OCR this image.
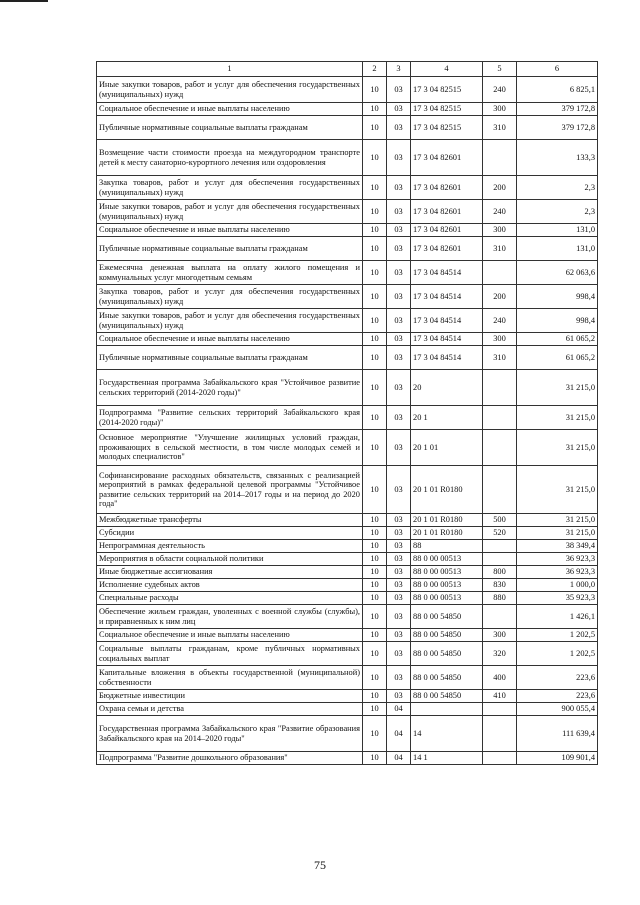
1	2	3	4	5	6
Иные закупки товаров, работ и услуг для обеспечения государственных (муниципальных) нужд	10	03	17 3 04 82515	240	6 825,1
Социальное обеспечение и иные выплаты населению	10	03	17 3 04 82515	300	379 172,8
Публичные нормативные социальные выплаты гражданам	10	03	17 3 04 82515	310	379 172,8
Возмещение части стоимости проезда на междугородном транспорте детей к месту санаторно-курортного лечения или оздоровления	10	03	17 3 04 82601		133,3
Закупка товаров, работ и услуг для обеспечения государственных (муниципальных) нужд	10	03	17 3 04 82601	200	2,3
Иные закупки товаров, работ и услуг для обеспечения государственных (муниципальных) нужд	10	03	17 3 04 82601	240	2,3
Социальное обеспечение и иные выплаты населению	10	03	17 3 04 82601	300	131,0
Публичные нормативные социальные выплаты гражданам	10	03	17 3 04 82601	310	131,0
Ежемесячна денежная выплата на оплату жилого помещения и коммунальных услуг многодетным семьям	10	03	17 3 04 84514		62 063,6
Закупка товаров, работ и услуг для обеспечения государственных (муниципальных) нужд	10	03	17 3 04 84514	200	998,4
Иные закупки товаров, работ и услуг для обеспечения государственных (муниципальных) нужд	10	03	17 3 04 84514	240	998,4
Социальное обеспечение и иные выплаты населению	10	03	17 3 04 84514	300	61 065,2
Публичные нормативные социальные выплаты гражданам	10	03	17 3 04 84514	310	61 065,2
Государственная программа Забайкальского края "Устойчивое развитие сельских территорий (2014-2020 годы)"	10	03	20		31 215,0
Подпрограмма "Развитие сельских территорий Забайкальского края (2014-2020 годы)"	10	03	20 1		31 215,0
Основное мероприятие "Улучшение жилищных условий граждан, проживающих в сельской местности, в том числе молодых семей и молодых специалистов"	10	03	20 1 01		31 215,0
Софинансирование расходных обязательств, связанных с реализацией мероприятий в рамках федеральной целевой программы "Устойчивое развитие сельских территорий на 2014–2017 годы и на период до 2020 года"	10	03	20 1 01 R0180		31 215,0
Межбюджетные трансферты	10	03	20 1 01 R0180	500	31 215,0
Субсидии	10	03	20 1 01 R0180	520	31 215,0
Непрограммная деятельность	10	03	88		38 349,4
Мероприятия в области социальной политики	10	03	88 0 00 00513		36 923,3
Иные бюджетные ассигнования	10	03	88 0 00 00513	800	36 923,3
Исполнение судебных актов	10	03	88 0 00 00513	830	1 000,0
Специальные расходы	10	03	88 0 00 00513	880	35 923,3
Обеспечение жильем граждан, уволенных с военной службы (службы), и приравненных к ним лиц	10	03	88 0 00 54850		1 426,1
Социальное обеспечение и иные выплаты населению	10	03	88 0 00 54850	300	1 202,5
Социальные выплаты гражданам, кроме публичных нормативных социальных выплат	10	03	88 0 00 54850	320	1 202,5
Капитальные вложения в объекты государственной (муниципальной) собственности	10	03	88 0 00 54850	400	223,6
Бюджетные инвестиции	10	03	88 0 00 54850	410	223,6
Охрана семьи и детства	10	04			900 055,4
Государственная программа Забайкальского края "Развитие образования Забайкальского края на 2014–2020 годы"	10	04	14		111 639,4
Подпрограмма "Развитие дошкольного образования"	10	04	14 1		109 901,4
75
